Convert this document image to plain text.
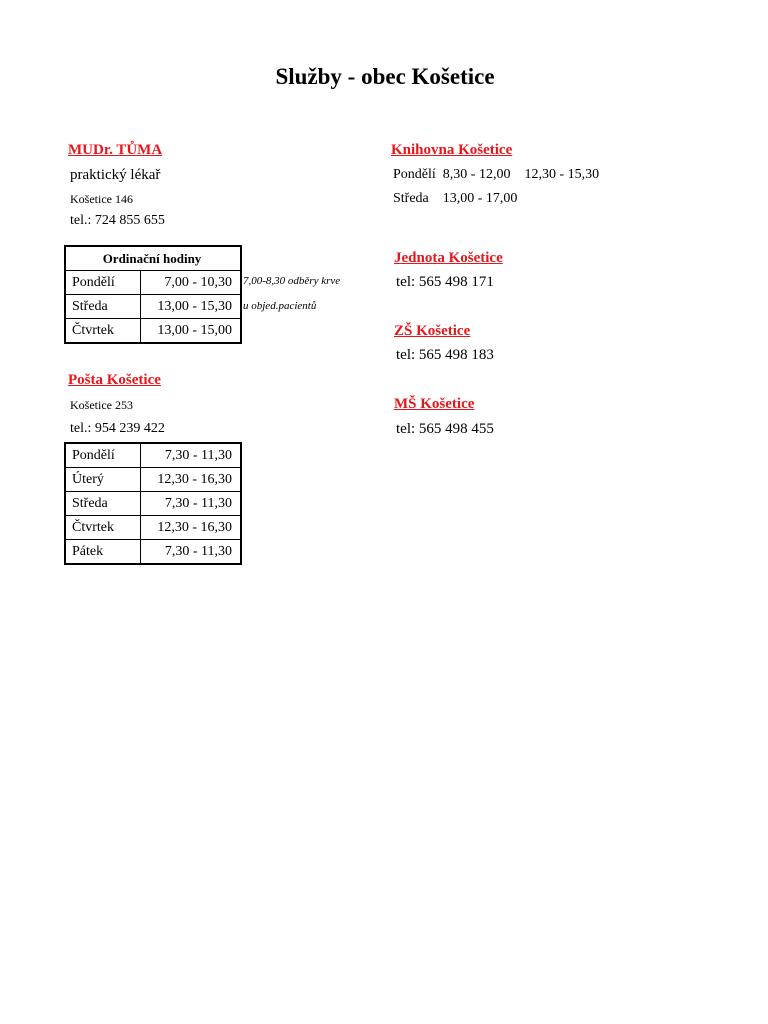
Služby - obec Košetice
MUDr. TŮMA
praktický lékař
Košetice 146
tel.: 724 855 655
Ordinační hodiny	
Pondělí	7,00 - 10,30
Středa	13,00 - 15,30
Čtvrtek	13,00 - 15,00
7,00-8,30 odběry krve
u objed.pacientů
Pošta Košetice
Košetice 253
tel.: 954 239 422
Pondělí	7,30 - 11,30
Úterý	12,30 - 16,30
Středa	7,30 - 11,30
Čtvrtek	12,30 - 16,30
Pátek	7,30 - 11,30
Knihovna Košetice
Pondělí  8,30 - 12,00    12,30 - 15,30
Středa    13,00 - 17,00
Jednota Košetice
tel: 565 498 171
ZŠ Košetice
tel: 565 498 183
MŠ Košetice
tel: 565 498 455
